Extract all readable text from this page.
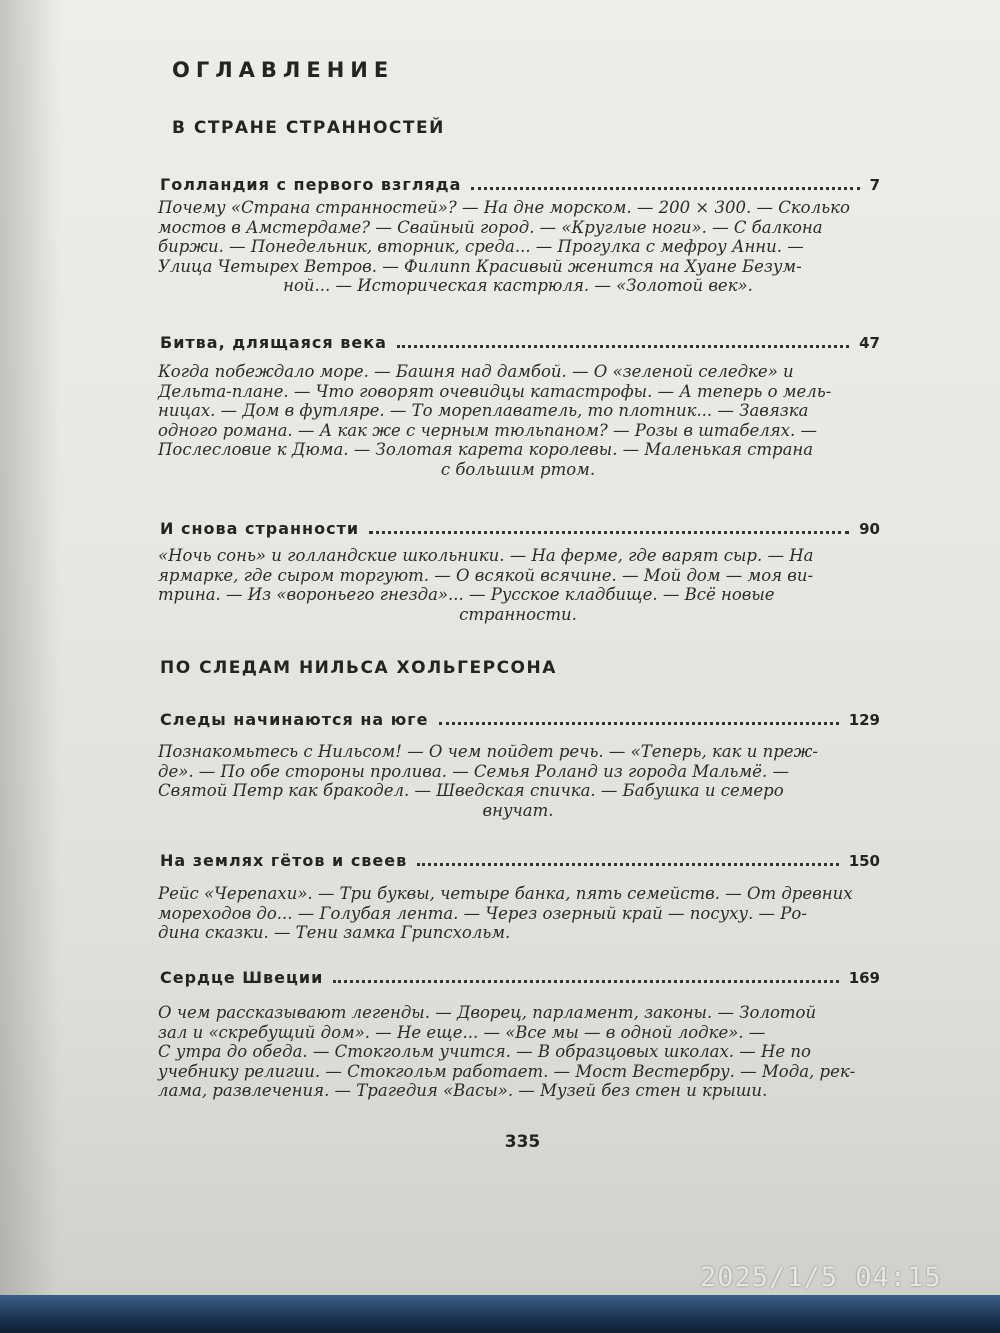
ОГЛАВЛЕНИЕ
В СТРАНЕ СТРАННОСТЕЙ
Голландия с первого взгляда	7

Почему «Страна странностей»? — На дне морском. — 200 × 300. — Сколько

мостов в Амстердаме? — Свайный город. — «Круглые ноги». — С балкона

биржи. — Понедельник, вторник, среда... — Прогулка с мефроу Анни. —

Улица Четырех Ветров. — Филипп Красивый женится на Хуане Безум-

ной... — Историческая кастрюля. — «Золотой век».

Битва, длящаяся века	47

Когда побеждало море. — Башня над дамбой. — О «зеленой селедке» и

Дельта-плане. — Что говорят очевидцы катастрофы. — А теперь о мель-

ницах. — Дом в футляре. — То мореплаватель, то плотник... — Завязка

одного романа. — А как же с черным тюльпаном? — Розы в штабелях. —

Послесловие к Дюма. — Золотая карета королевы. — Маленькая страна

с большим ртом.

И снова странности	90

«Ночь сонь» и голландские школьники. — На ферме, где варят сыр. — На

ярмарке, где сыром торгуют. — О всякой всячине. — Мой дом — моя ви-

трина. — Из «вороньего гнезда»... — Русское кладбище. — Всё новые

странности.

ПО СЛЕДАМ НИЛЬСА ХОЛЬГЕРСОНА
Следы начинаются на юге	129

Познакомьтесь с Нильсом! — О чем пойдет речь. — «Теперь, как и преж-

де». — По обе стороны пролива. — Семья Роланд из города Мальмё. —

Святой Петр как бракодел. — Шведская спичка. — Бабушка и семеро

внучат.

На землях гётов и свеев	150

Рейс «Черепахи». — Три буквы, четыре банка, пять семейств. — От древних

мореходов до... — Голубая лента. — Через озерный край — посуху. — Ро-

дина сказки. — Тени замка Грипсхольм.

Сердце Швеции	169

О чем рассказывают легенды. — Дворец, парламент, законы. — Золотой

зал и «скребущий дом». — Не еще... — «Все мы — в одной лодке». —

С утра до обеда. — Стокгольм учится. — В образцовых школах. — Не по

учебнику религии. — Стокгольм работает. — Мост Вестербру. — Мода, рек-

лама, развлечения. — Трагедия «Васы». — Музей без стен и крыши.

335
2025/1/5 04:15
